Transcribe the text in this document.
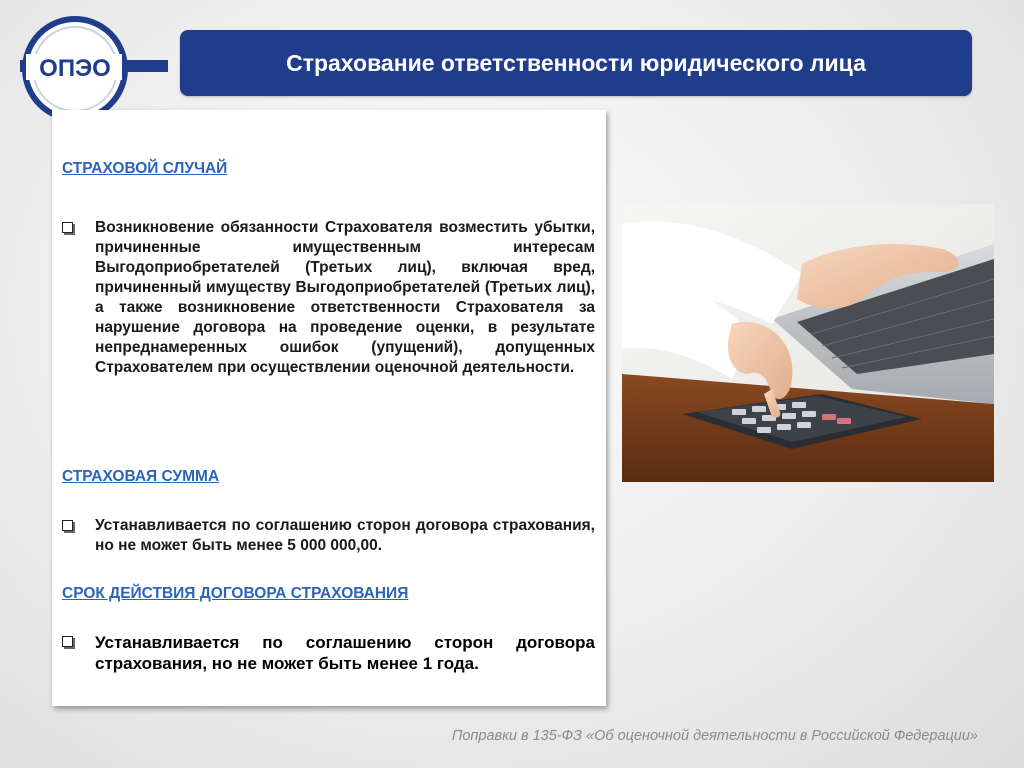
ОПЭО	Страхование ответственности юридического лица
СТРАХОВОЙ СЛУЧАЙ
Возникновение обязанности Страхователя возместить убытки, причиненные имущественным интересам Выгодоприобретателей (Третьих лиц), включая вред, причиненный имуществу Выгодоприобретателей (Третьих лиц), а также возникновение ответственности Страхователя за нарушение договора на проведение оценки, в результате непреднамеренных ошибок (упущений), допущенных Страхователем при осуществлении оценочной деятельности.
СТРАХОВАЯ СУММА
Устанавливается по соглашению сторон договора страхования, но не может быть менее 5 000 000,00.
СРОК ДЕЙСТВИЯ ДОГОВОРА СТРАХОВАНИЯ
Устанавливается по соглашению сторон договора страхования, но не может быть менее 1 года.
Поправки в 135-ФЗ «Об оценочной деятельности в Российской Федерации»
